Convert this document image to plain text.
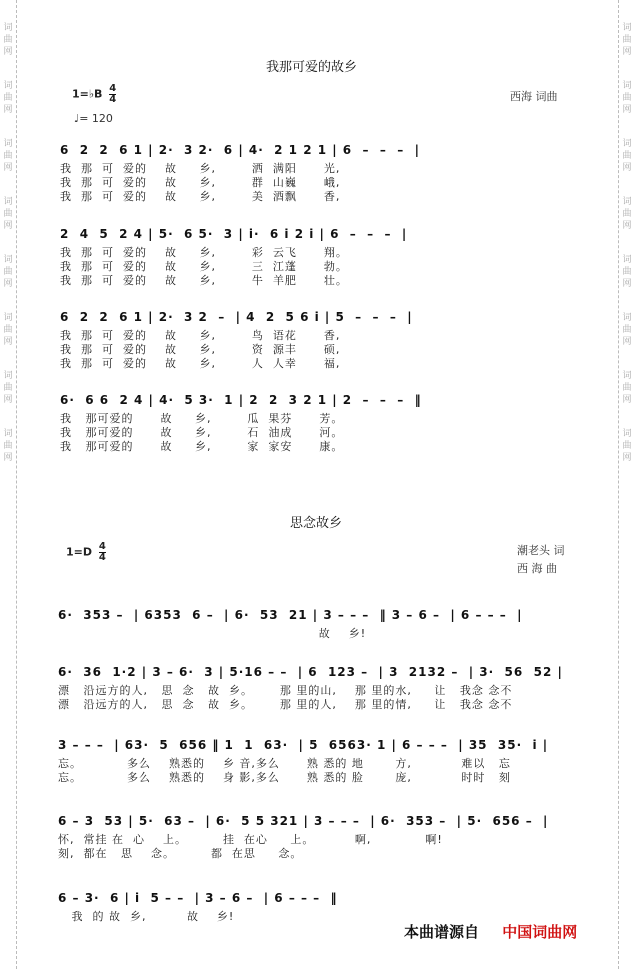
词
曲
网
词
曲
网
词
曲
网
词
曲
网
词
曲
网
词
曲
网
词
曲
网
词
曲
网
词
曲
网
词
曲
网
词
曲
网
词
曲
网
词
曲
网
词
曲
网
词
曲
网
词
曲
网
我那可爱的故乡
1=♭B $\frac{4}{4}$	西海 词曲
♩= 120
6  2  2  6 1 | 2·  3 2·  6 | 4·  2 1 2 1 | 6  –  –  –  |
我  那  可  爱的    故     乡,        洒  满阳      光,
我  那  可  爱的    故     乡,        群  山巍      峨,
我  那  可  爱的    故     乡,        美  酒飘      香,
2  4  5  2 4 | 5·  6 5·  3 | i·  6 i 2 i | 6  –  –  –  |
我  那  可  爱的    故     乡,        彩  云飞      翔。
我  那  可  爱的    故     乡,        三  江蓬      勃。
我  那  可  爱的    故     乡,        牛  羊肥      壮。
6  2  2  6 1 | 2·  3 2  –  | 4  2  5 6 i | 5  –  –  –  |
我  那  可  爱的    故     乡,        鸟  语花      香,
我  那  可  爱的    故     乡,        资  源丰      硕,
我  那  可  爱的    故     乡,        人  人幸      福,
6·  6 6  2 4 | 4·  5 3·  1 | 2  2  3 2 1 | 2  –  –  –  ‖
我   那可爱的      故     乡,        瓜  果芬      芳。
我   那可爱的      故     乡,        石  油成      河。
我   那可爱的      故     乡,        家  家安      康。
思念故乡
$1=D \frac{4}{4}$	潮老头 词
西 海 曲
6·  353 –  | 6353  6 –  | 6·  53  21 | 3 – – –  ‖ 3 – 6 –  | 6 – – –  |
故    乡!
6·  36  1·2 | 3 – 6·  3 | 5·16 – –  | 6  123 –  | 3  2132 –  | 3·  56  52 |
漂   沿远方的人,   思  念   故  乡。      那 里的山,    那 里的水,     让   我念 念不
漂   沿远方的人,   思  念   故  乡。      那 里的人,    那 里的情,     让   我念 念不
3 – – –  | 63·  5  656 ‖ 1  1  63·  | 5  6563· 1 | 6 – – –  | 35  35·  i |
忘。          多么    熟悉的    乡 音,多么      熟 悉的 地       方,           难以   忘
忘。          多么    熟悉的    身 影,多么      熟 悉的 脸       庞,           时时   刻
6 – 3  53 | 5·  63 –  | 6·  5 5 321 | 3 – – –  | 6·  353 –  | 5·  656 –  |
怀,  常挂 在  心    上。        挂  在心     上。         啊,            啊!
刻,  都在   思    念。        都  在思     念。
6 – 3·  6 | i  5 – –  | 3 – 6 –  | 6 – – –  ‖
我  的 故  乡,         故    乡!
本曲谱源自 中国词曲网
